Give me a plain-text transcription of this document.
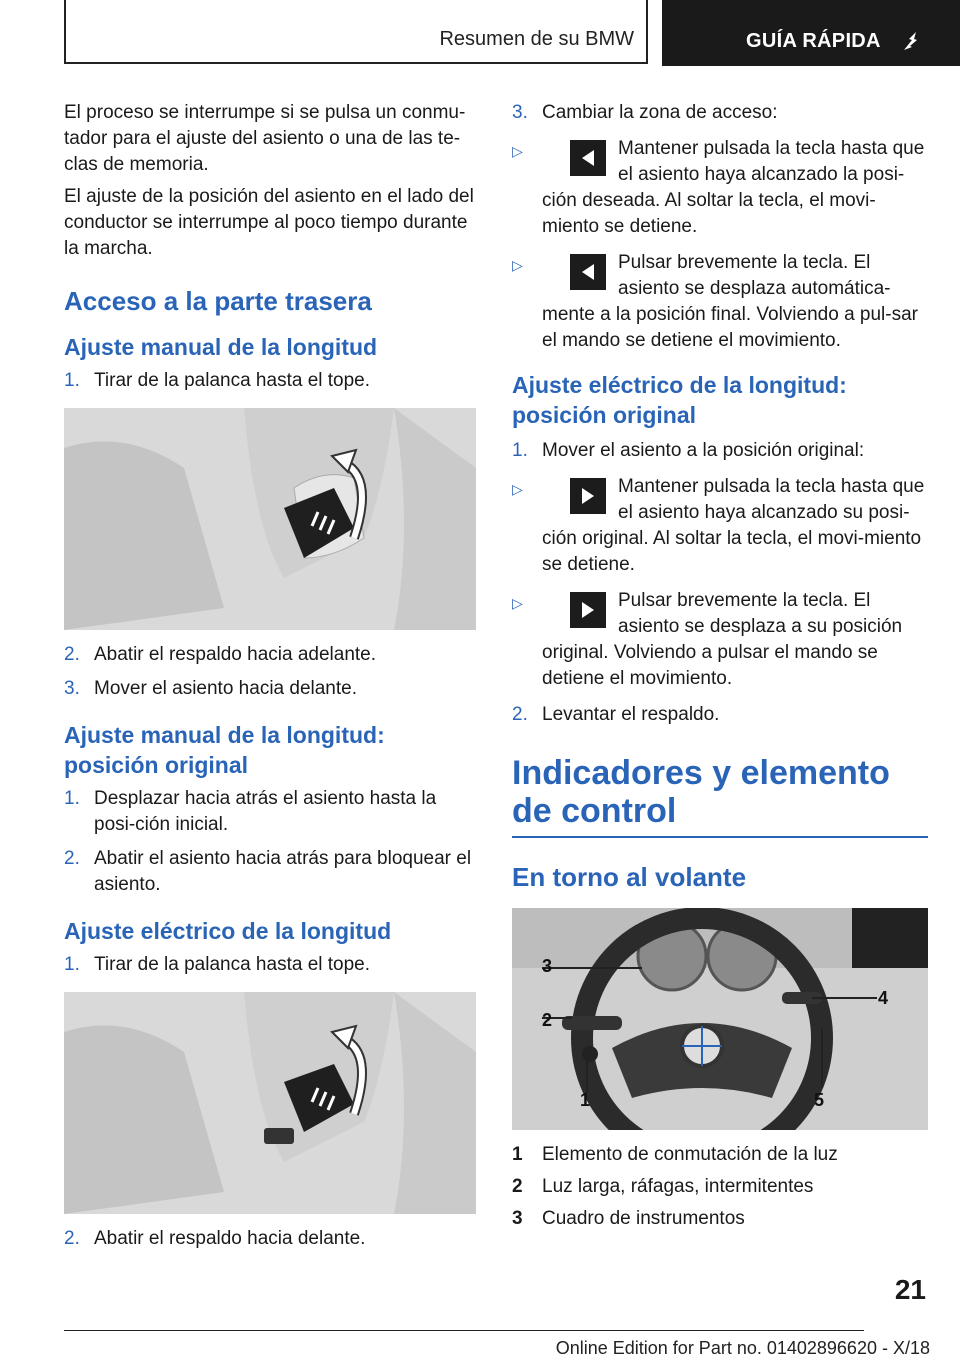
Resumen de su BMW	GUÍA RÁPIDA

El proceso se interrumpe si se pulsa un conmu-tador para el ajuste del asiento o una de las te-clas de memoria.

El ajuste de la posición del asiento en el lado del conductor se interrumpe al poco tiempo durante la marcha.

Acceso a la parte trasera
Ajuste manual de la longitud
1. Tirar de la palanca hasta el tope.
2. Abatir el respaldo hacia adelante.
3. Mover el asiento hacia delante.
Ajuste manual de la longitud: posición original
1. Desplazar hacia atrás el asiento hasta la posi-ción inicial.
2. Abatir el asiento hacia atrás para bloquear el asiento.
Ajuste eléctrico de la longitud
1. Tirar de la palanca hasta el tope.
2. Abatir el respaldo hacia delante.
3. Cambiar la zona de acceso:
▷	Mantener pulsada la tecla hasta que el asiento haya alcanzado la posi-ción deseada. Al soltar la tecla, el movi-miento se detiene.
▷	Pulsar brevemente la tecla. El asiento se desplaza automática-mente a la posición final. Volviendo a pul-sar el mando se detiene el movimiento.
Ajuste eléctrico de la longitud: posición original
1. Mover el asiento a la posición original:
▷	Mantener pulsada la tecla hasta que el asiento haya alcanzado su posi-ción original. Al soltar la tecla, el movi-miento se detiene.
▷	Pulsar brevemente la tecla. El asiento se desplaza a su posición original. Volviendo a pulsar el mando se detiene el movimiento.
2. Levantar el respaldo.
Indicadores y elemento de control
En torno al volante
1
2
3
4
5
1 Elemento de conmutación de la luz
2 Luz larga, ráfagas, intermitentes
3 Cuadro de instrumentos
21
Online Edition for Part no. 01402896620 - X/18
